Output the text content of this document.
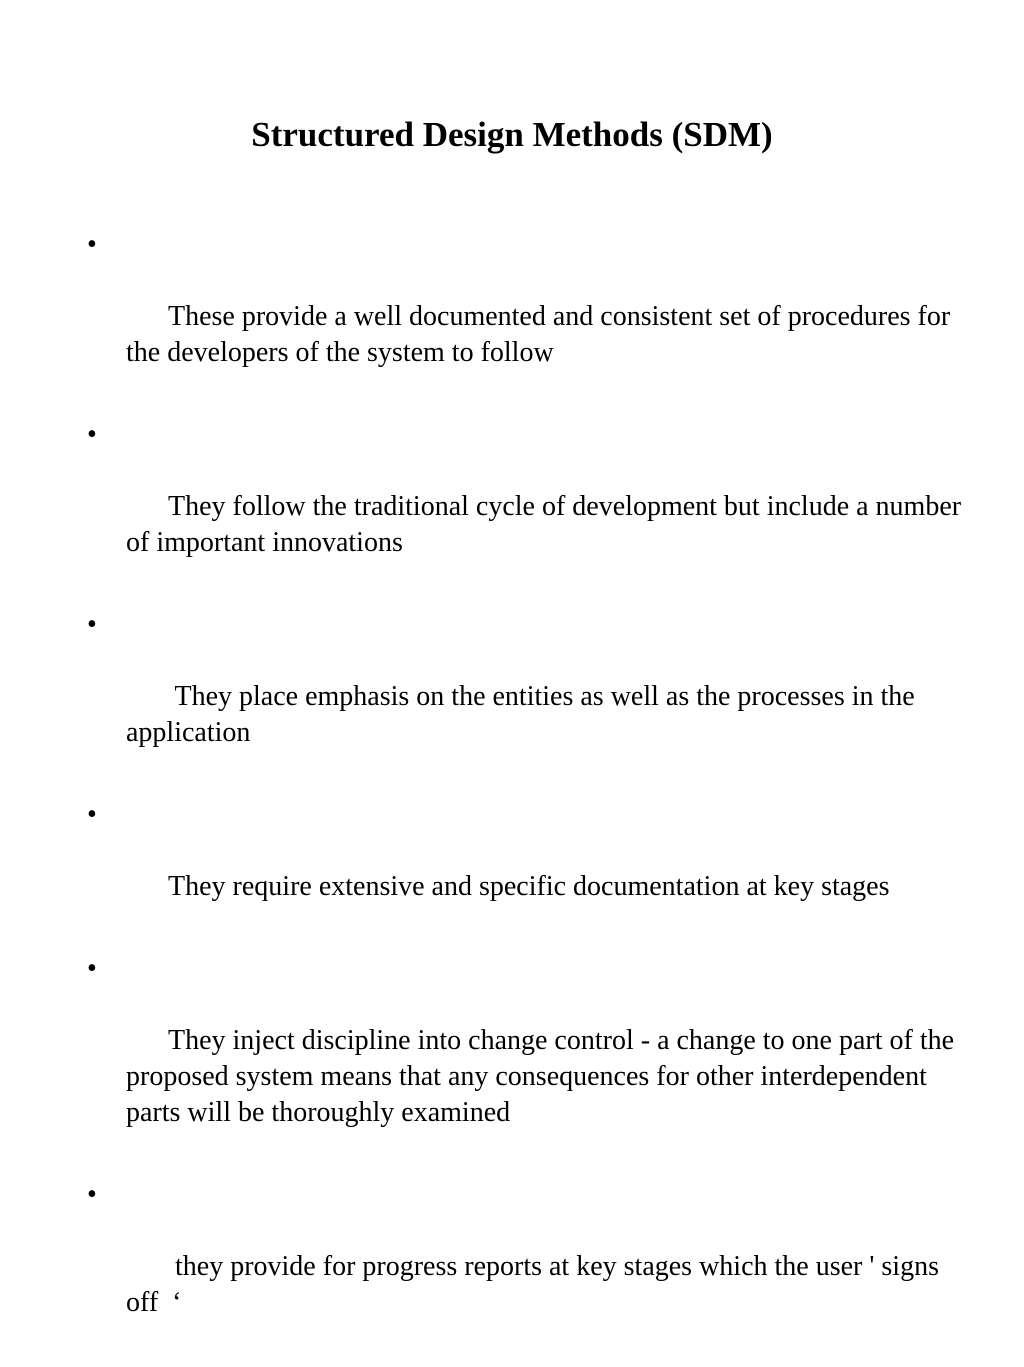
Structured Design Methods (SDM)

•

These provide a well documented and consistent set of procedures for the developers of the system to follow

•

They follow the traditional cycle of development but include a number of important innovations

•

They place emphasis on the entities as well as the processes in the application

•

They require extensive and specific documentation at key stages

•

They inject discipline into change control - a change to one part of the proposed system means that any consequences for other interdependent parts will be thoroughly examined

•

they provide for progress reports at key stages which the user ' signs off  ‘
